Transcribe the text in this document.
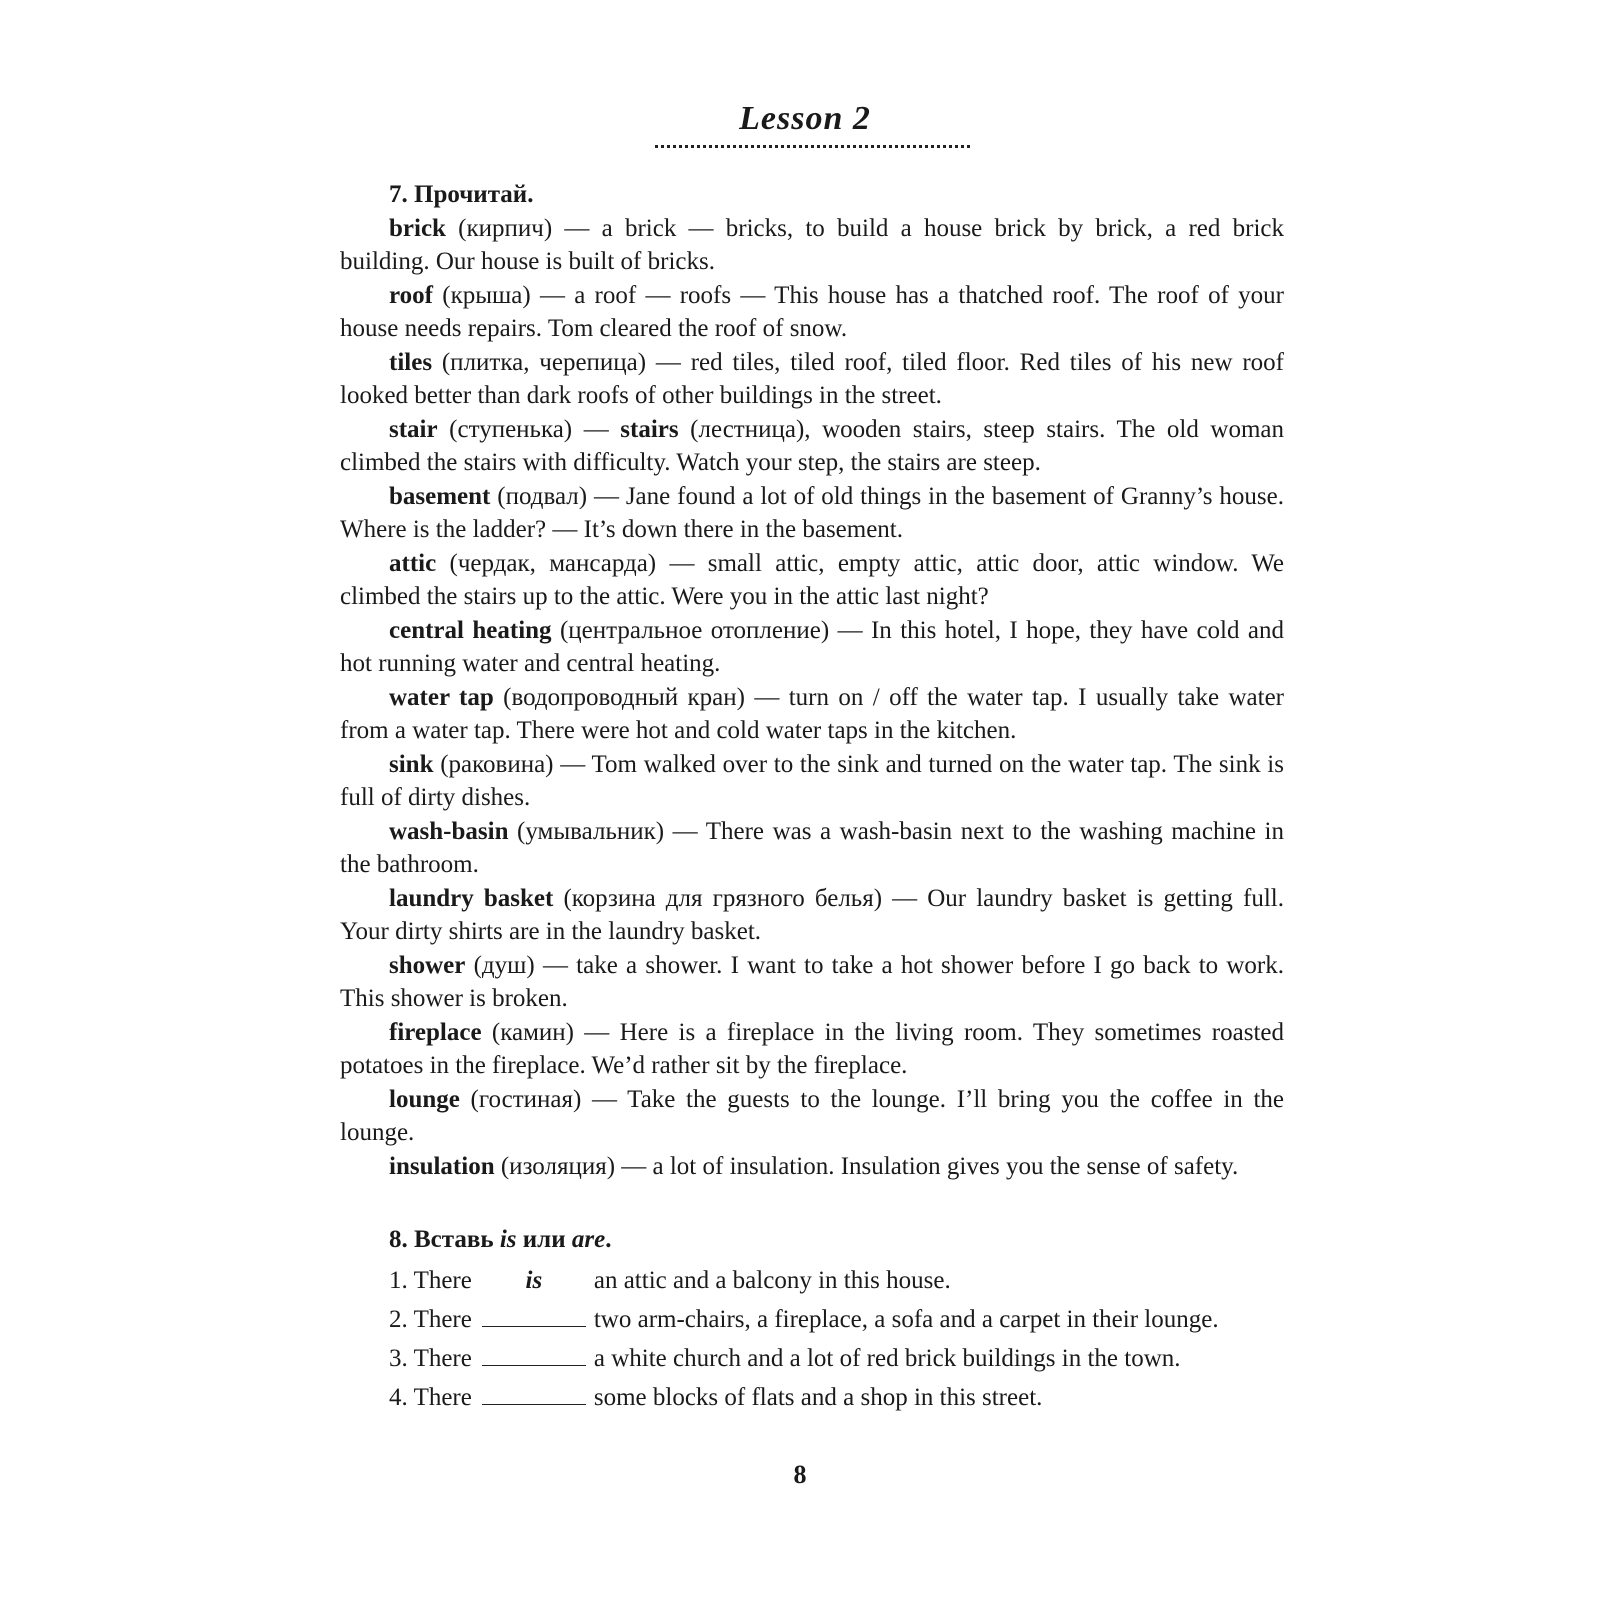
Lesson 2

7. Прочитай.

brick (кирпич) — a brick — bricks, to build a house brick by brick, a red brick building. Our house is built of bricks.

roof (крыша) — a roof — roofs — This house has a thatched roof. The roof of your house needs repairs. Tom cleared the roof of snow.

tiles (плитка, черепица) — red tiles, tiled roof, tiled floor. Red tiles of his new roof looked better than dark roofs of other buildings in the street.

stair (ступенька) — stairs (лестница), wooden stairs, steep stairs. The old woman climbed the stairs with difficulty. Watch your step, the stairs are steep.

basement (подвал) — Jane found a lot of old things in the basement of Granny’s house. Where is the ladder? — It’s down there in the basement.

attic (чердак, мансарда) — small attic, empty attic, attic door, attic window. We climbed the stairs up to the attic. Were you in the attic last night?

central heating (центральное отопление) — In this hotel, I hope, they have cold and hot running water and central heating.

water tap (водопроводный кран) — turn on / off the water tap. I usually take water from a water tap. There were hot and cold water taps in the kitchen.

sink (раковина) — Tom walked over to the sink and turned on the water tap. The sink is full of dirty dishes.

wash-basin (умывальник) — There was a wash-basin next to the washing machine in the bathroom.

laundry basket (корзина для грязного белья) — Our laundry basket is getting full. Your dirty shirts are in the laundry basket.

shower (душ) — take a shower. I want to take a hot shower before I go back to work. This shower is broken.

fireplace (камин) — Here is a fireplace in the living room. They sometimes roasted potatoes in the fireplace. We’d rather sit by the fireplace.

lounge (гостиная) — Take the guests to the lounge. I’ll bring you the coffee in the lounge.

insulation (изоляция) — a lot of insulation. Insulation gives you the sense of safety.

8. Вставь is или are.

1. There is an attic and a balcony in this house.
2. There	two arm-chairs, a fireplace, a sofa and a carpet in their lounge.
3. There	a white church and a lot of red brick buildings in the town.
4. There	some blocks of flats and a shop in this street.
8
